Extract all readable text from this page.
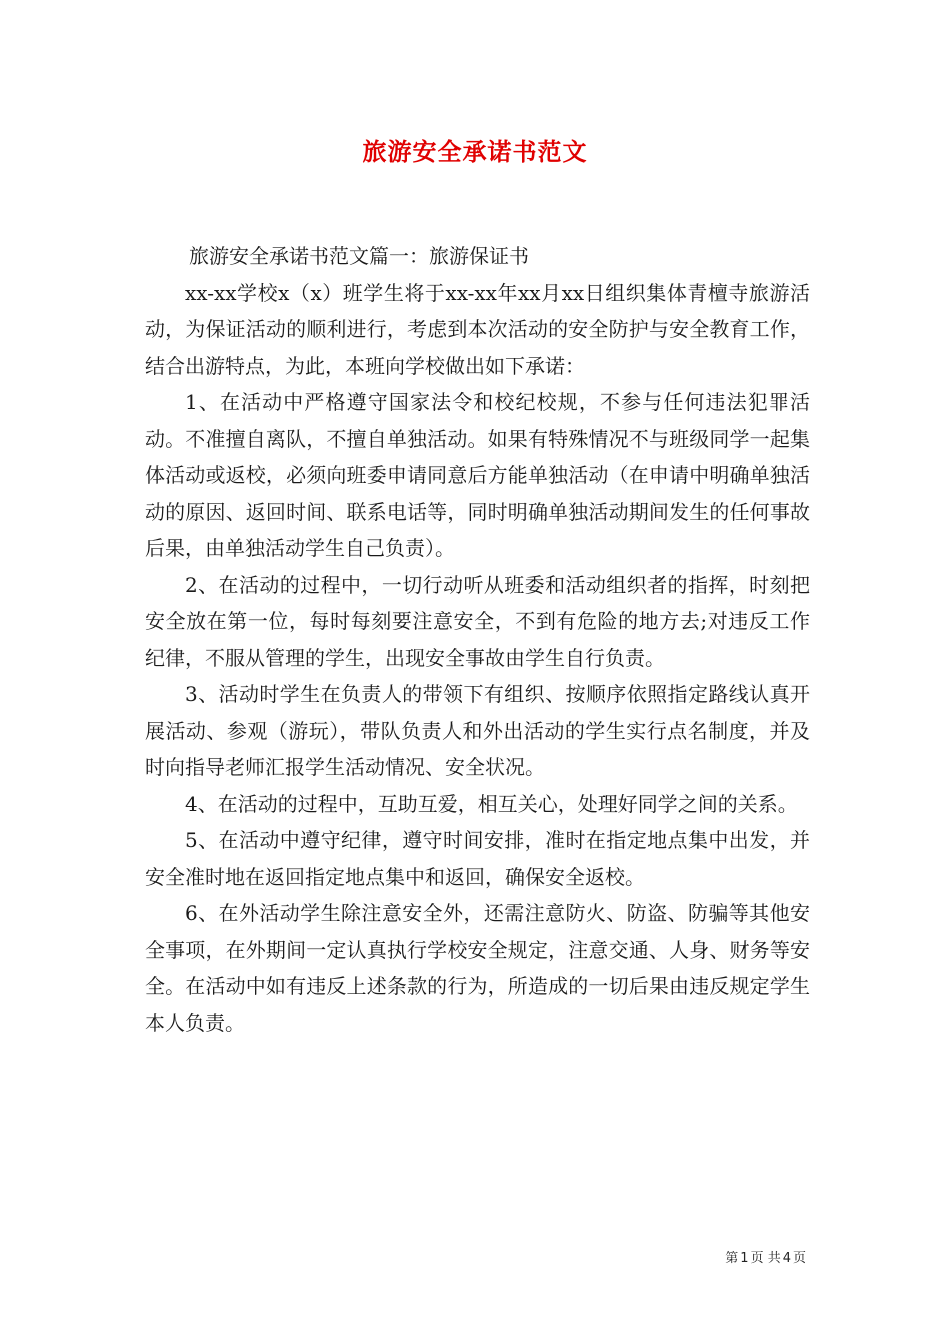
旅游安全承诺书范文

旅游安全承诺书范文篇一：旅游保证书

xx-xx学校x（x）班学生将于xx-xx年xx月xx日组织集体青檀寺旅游活动，为保证活动的顺利进行，考虑到本次活动的安全防护与安全教育工作，结合出游特点，为此，本班向学校做出如下承诺：

1、在活动中严格遵守国家法令和校纪校规，不参与任何违法犯罪活动。不准擅自离队，不擅自单独活动。如果有特殊情况不与班级同学一起集体活动或返校，必须向班委申请同意后方能单独活动（在申请中明确单独活动的原因、返回时间、联系电话等，同时明确单独活动期间发生的任何事故后果，由单独活动学生自己负责）。

2、在活动的过程中，一切行动听从班委和活动组织者的指挥，时刻把安全放在第一位，每时每刻要注意安全，不到有危险的地方去;对违反工作纪律，不服从管理的学生，出现安全事故由学生自行负责。

3、活动时学生在负责人的带领下有组织、按顺序依照指定路线认真开展活动、参观（游玩），带队负责人和外出活动的学生实行点名制度，并及时向指导老师汇报学生活动情况、安全状况。

4、在活动的过程中，互助互爱，相互关心，处理好同学之间的关系。

5、在活动中遵守纪律，遵守时间安排，准时在指定地点集中出发，并安全准时地在返回指定地点集中和返回，确保安全返校。

6、在外活动学生除注意安全外，还需注意防火、防盗、防骗等其他安全事项，在外期间一定认真执行学校安全规定，注意交通、人身、财务等安全。在活动中如有违反上述条款的行为，所造成的一切后果由违反规定学生本人负责。

第 1 页 共 4 页
